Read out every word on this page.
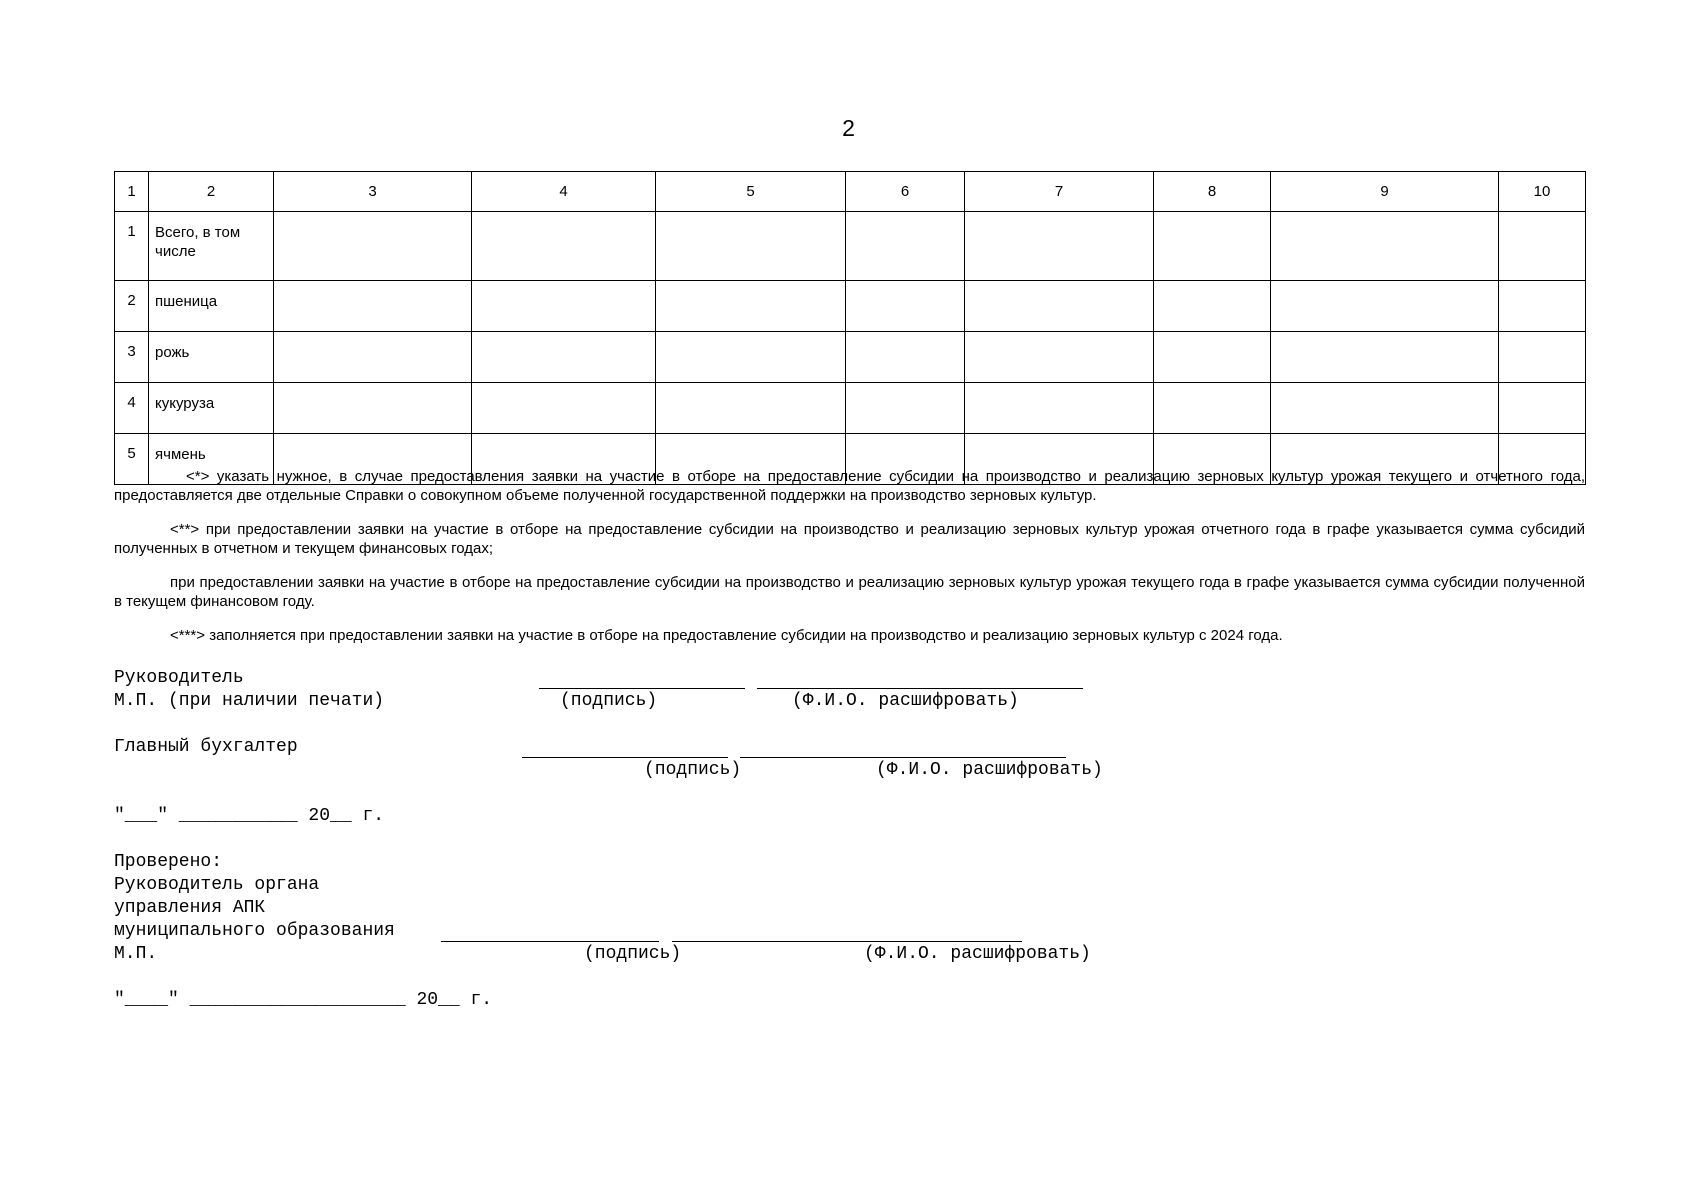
2
1	2	3	4	5	6	7	8	9	10
1	Всего, в том числе								
2	пшеница								
3	рожь								
4	кукуруза								
5	ячмень								

<*> указать нужное, в случае предоставления заявки на участие в отборе на предоставление субсидии на производство и реализацию зерновых культур урожая текущего и отчетного года, предоставляется две отдельные Справки о совокупном объеме полученной государственной поддержки на производство зерновых культур.

<**> при предоставлении заявки на участие в отборе на предоставление субсидии на производство и реализацию зерновых культур урожая отчетного года в графе указывается сумма субсидий полученных в отчетном и текущем финансовых годах;

при предоставлении заявки на участие в отборе на предоставление субсидии на производство и реализацию зерновых культур урожая текущего года в графе указывается сумма субсидии полученной в текущем финансовом году.

<***> заполняется при предоставлении заявки на участие в отборе на предоставление субсидии на производство и реализацию зерновых культур с 2024 года.

Руководитель
М.П. (при наличии печати)	(подпись)	(Ф.И.О. расшифровать)
Главный бухгалтер
(подпись)	(Ф.И.О. расшифровать)
"___" ___________ 20__ г.
Проверено:
Руководитель органа
управления АПК
муниципального образования
М.П.	(подпись)	(Ф.И.О. расшифровать)
"____" ____________________ 20__ г.
